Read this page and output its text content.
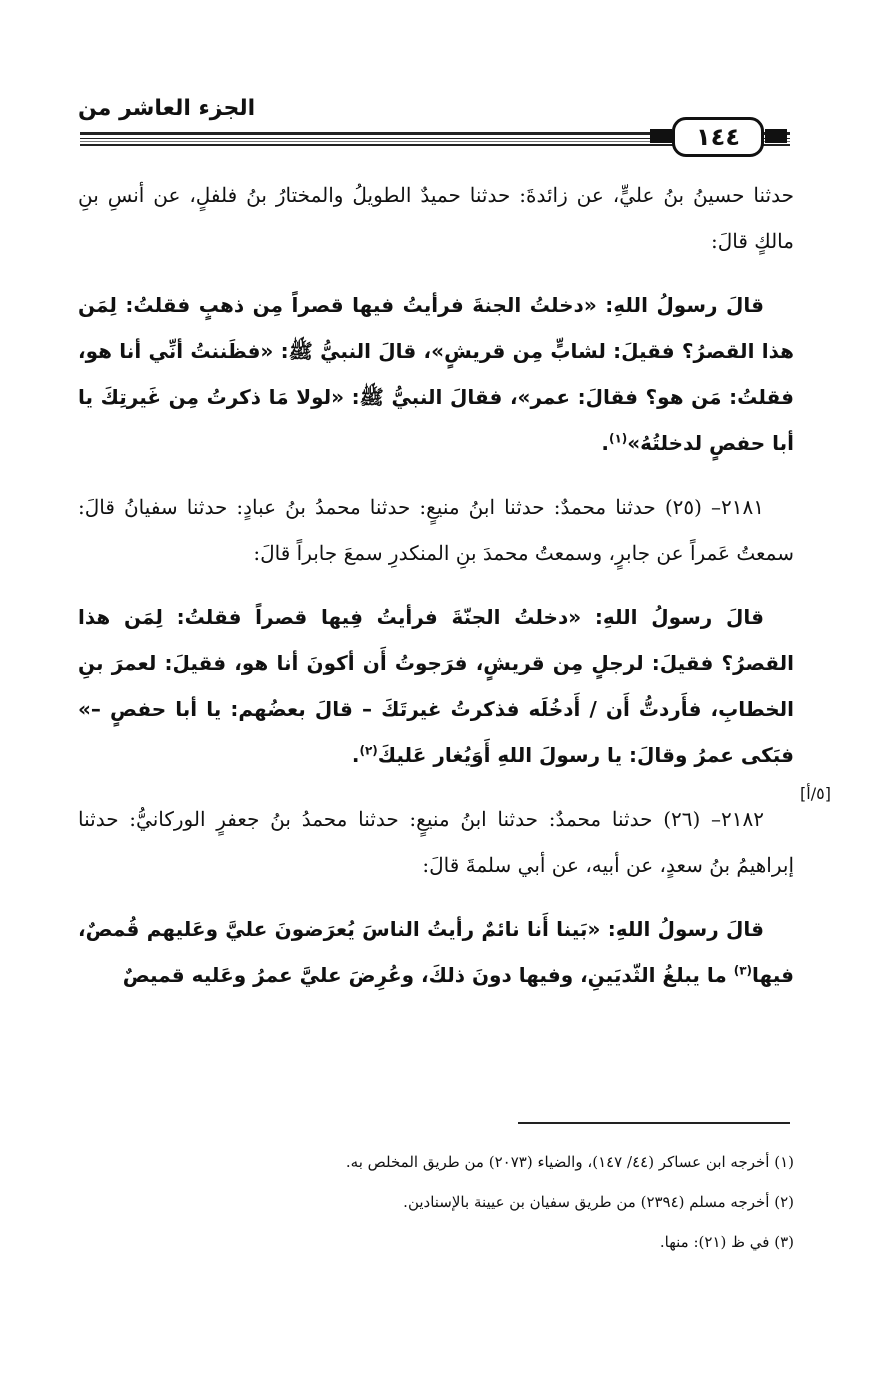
الجزء العاشر من
١٤٤

حدثنا حسينُ بنُ عليٍّ، عن زائدةَ: حدثنا حميدٌ الطويلُ والمختارُ بنُ فلفلٍ، عن أنسِ بنِ مالكٍ قالَ:

قالَ رسولُ اللهِ: «دخلتُ الجنةَ فرأيتُ فيها قصراً مِن ذهبٍ فقلتُ: لِمَن هذا القصرُ؟ فقيلَ: لشابٍّ مِن قريشٍ»، قالَ النبيُّ ﷺ: «فظَننتُ أنِّي أنا هو، فقلتُ: مَن هو؟ فقالَ: عمر»، فقالَ النبيُّ ﷺ: «لولا مَا ذكرتُ مِن غَيرتِكَ يا أبا حفصٍ لدخلتُهُ»$^{(١)}$.

٢١٨١– (٢٥) حدثنا محمدٌ: حدثنا ابنُ منيعٍ: حدثنا محمدُ بنُ عبادٍ: حدثنا سفيانُ قالَ: سمعتُ عَمراً عن جابرٍ، وسمعتُ محمدَ بنِ المنكدرِ سمعَ جابراً قالَ:

قالَ رسولُ اللهِ: «دخلتُ الجنّةَ فرأيتُ فِيها قصراً فقلتُ: لِمَن هذا القصرُ؟ فقيلَ: لرجلٍ مِن قريشٍ، فرَجوتُ أَن أكونَ أنا هو، فقيلَ: لعمرَ بنِ الخطابِ، فأَردتُّ أَن / أَدخُلَه فذكرتُ غيرتَكَ – قالَ بعضُهم: يا أبا حفصٍ –» فبَكى عمرُ وقالَ: يا رسولَ اللهِ أَوَيُغار عَليكَ$^{(٢)}$.

٢١٨٢– (٢٦) حدثنا محمدٌ: حدثنا ابنُ منيعٍ: حدثنا محمدُ بنُ جعفرٍ الوركانيُّ: حدثنا إبراهيمُ بنُ سعدٍ، عن أبيه، عن أبي سلمةَ قالَ:

قالَ رسولُ اللهِ: «بَينا أَنا نائمٌ رأيتُ الناسَ يُعرَضونَ عليَّ وعَليهم قُمصٌ، فيها$^{(٣)}$ ما يبلغُ الثّديَينِ، وفيها دونَ ذلكَ، وعُرِضَ عليَّ عمرُ وعَليه قميصٌ

[٥/أ]
(١) أخرجه ابن عساكر (٤٤/ ١٤٧)، والضياء (٢٠٧٣) من طريق المخلص به.
(٢) أخرجه مسلم (٢٣٩٤) من طريق سفيان بن عيينة بالإسنادين.
(٣) في ظ (٢١): منها.
